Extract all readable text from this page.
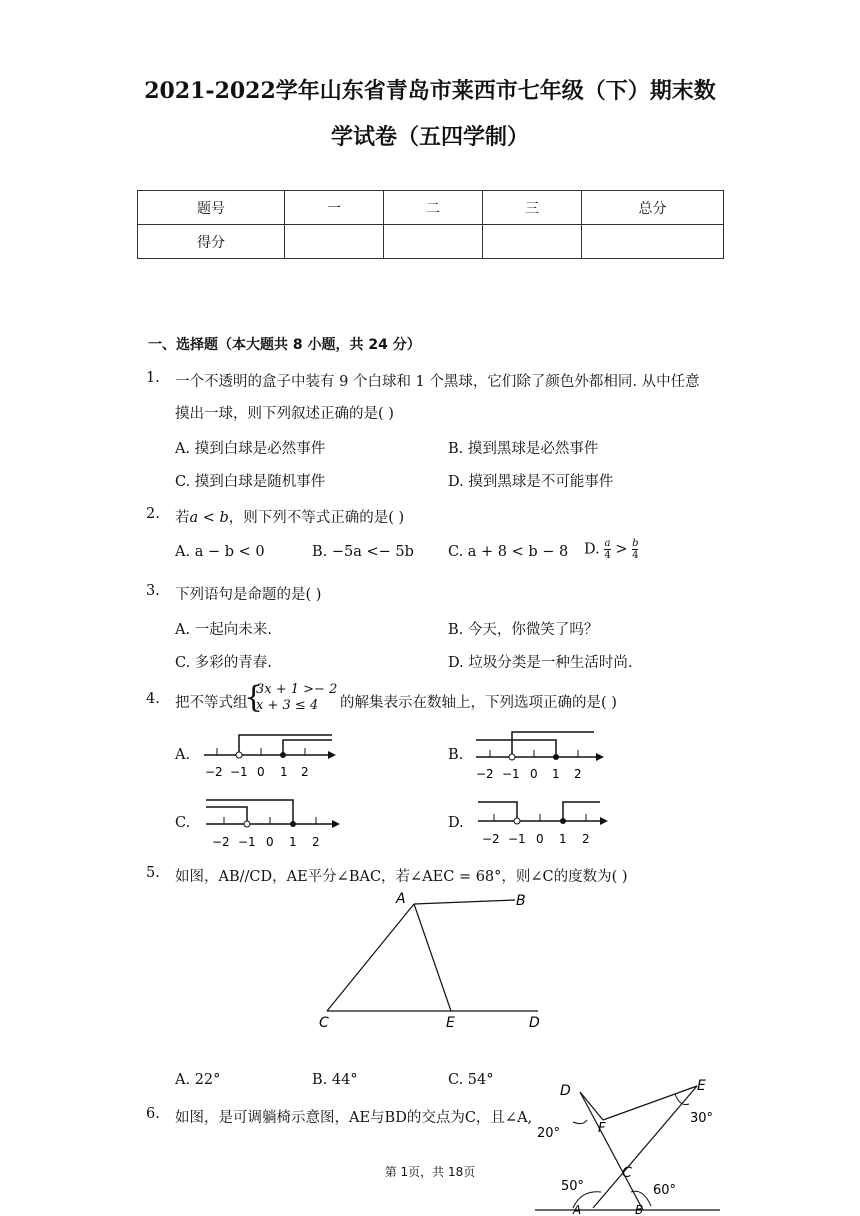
2021-2022学年山东省青岛市莱西市七年级（下）期末数
学试卷（五四学制）
题号	一	二	三	总分
得分				
一、选择题（本大题共 8 小题，共 24 分）
1. 一个不透明的盒子中装有 9 个白球和 1 个黑球，它们除了颜色外都相同. 从中任意
摸出一球，则下列叙述正确的是( )
A. 摸到白球是必然事件	B. 摸到黑球是必然事件
C. 摸到白球是随机事件	D. 摸到黑球是不可能事件
2. 若a < b，则下列不等式正确的是( )
A. a − b < 0	B. −5a <− 5b C. a + 8 < b − 8 D. $\frac{a}{4} > \frac{b}{4}$
3. 下列语句是命题的是( )
A. 一起向未来.	B. 今天，你微笑了吗？
C. 多彩的青春.	D. 垃圾分类是一种生活时尚.
4. 把不等式组
{
3x + 1 >− 2
x + 3 ≤ 4 的解集表示在数轴上，下列选项正确的是( )
A.	B.
C.	D.
−2 −1 0 1 2	−2 −1 0 1 2
−2 −1 0 1 2	−2 −1 0 1 2
5. 如图，AB//CD，AE平分∠BAC，若∠AEC = 68°，则∠C的度数为( )
A	B
C	E	D
A. 22°	B. 44°	C. 54°
6. 如图，是可调躺椅示意图，AE与BD的交点为C，且∠A,
D	E
F
C
A	B
20°
30°
50°	60°
第 1页，共 18页
